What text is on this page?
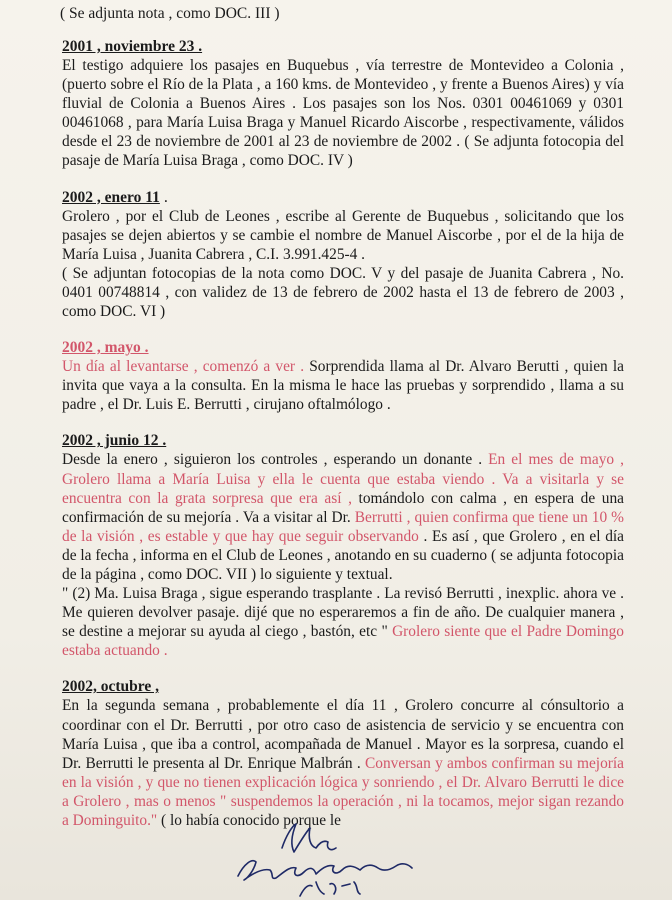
( Se adjunta nota , como DOC. III )
2001 , noviembre 23 .

El testigo adquiere los pasajes en Buquebus , vía terrestre de Montevideo a Colonia , (puerto sobre el Río de la Plata , a 160 kms. de Montevideo , y frente a Buenos Aires) y vía fluvial de Colonia a Buenos Aires . Los pasajes son los Nos. 0301 00461069 y 0301 00461068 , para María Luisa Braga y Manuel Ricardo Aiscorbe , respectivamente, válidos desde el 23 de noviembre de 2001 al 23 de noviembre de 2002 . ( Se adjunta fotocopia del pasaje de María Luisa Braga , como DOC. IV )

2002 , enero 11 .

Grolero , por el Club de Leones , escribe al Gerente de Buquebus , solicitando que los pasajes se dejen abiertos y se cambie el nombre de Manuel Aiscorbe , por el de la hija de María Luisa , Juanita Cabrera , C.I. 3.991.425-4 .

( Se adjuntan fotocopias de la nota como DOC. V y del pasaje de Juanita Cabrera , No. 0401 00748814 , con validez de 13 de febrero de 2002 hasta el 13 de febrero de 2003 , como DOC. VI )

2002 , mayo .

Un día al levantarse , comenzó a ver . Sorprendida llama al Dr. Alvaro Berutti , quien la invita que vaya a la consulta. En la misma le hace las pruebas y sorprendido , llama a su padre , el Dr. Luis E. Berrutti , cirujano oftalmólogo .

2002 , junio 12 .

Desde la enero , siguieron los controles , esperando un donante . En el mes de mayo , Grolero llama a María Luisa y ella le cuenta que estaba viendo . Va a visitarla y se encuentra con la grata sorpresa que era así , tomándolo con calma , en espera de una confirmación de su mejoría . Va a visitar al Dr. Berrutti , quien confirma que tiene un 10 % de la visión , es estable y que hay que seguir observando . Es así , que Grolero , en el día de la fecha , informa en el Club de Leones , anotando en su cuaderno ( se adjunta fotocopia de la página , como DOC. VII ) lo siguiente y textual.

" (2) Ma. Luisa Braga , sigue esperando trasplante . La revisó Berrutti , inexplic. ahora ve . Me quieren devolver pasaje. dijé que no esperaremos a fin de año. De cualquier manera , se destine a mejorar su ayuda al ciego , bastón, etc " Grolero siente que el Padre Domingo estaba actuando .

2002, octubre ,

En la segunda semana , probablemente el día 11 , Grolero concurre al cónsultorio a coordinar con el Dr. Berrutti , por otro caso de asistencia de servicio y se encuentra con María Luisa , que iba a control, acompañada de Manuel . Mayor es la sorpresa, cuando el Dr. Berrutti le presenta al Dr. Enrique Malbrán . Conversan y ambos confirman su mejoría en la visión , y que no tienen explicación lógica y sonriendo , el Dr. Alvaro Berrutti le dice a Grolero , mas o menos " suspendemos la operación , ni la tocamos, mejor sigan rezando a Dominguito." ( lo había conocido porque le
